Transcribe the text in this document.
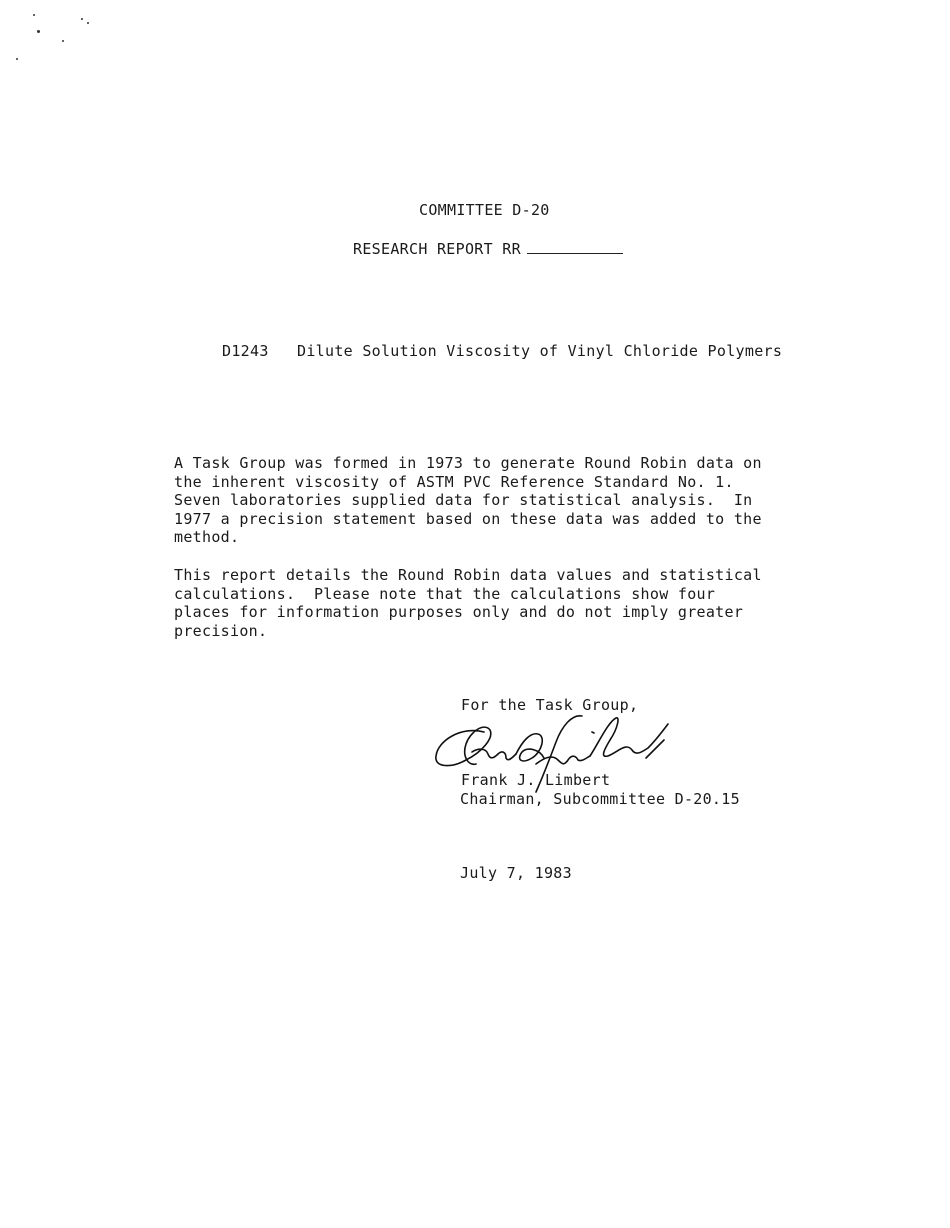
COMMITTEE D-20
RESEARCH REPORT RR
D1243 Dilute Solution Viscosity of Vinyl Chloride Polymers
A Task Group was formed in 1973 to generate Round Robin data on
the inherent viscosity of ASTM PVC Reference Standard No. 1.
Seven laboratories supplied data for statistical analysis.  In
1977 a precision statement based on these data was added to the
method.
This report details the Round Robin data values and statistical
calculations.  Please note that the calculations show four
places for information purposes only and do not imply greater
precision.
For the Task Group,
Frank J. Limbert
Chairman, Subcommittee D-20.15
July 7, 1983
